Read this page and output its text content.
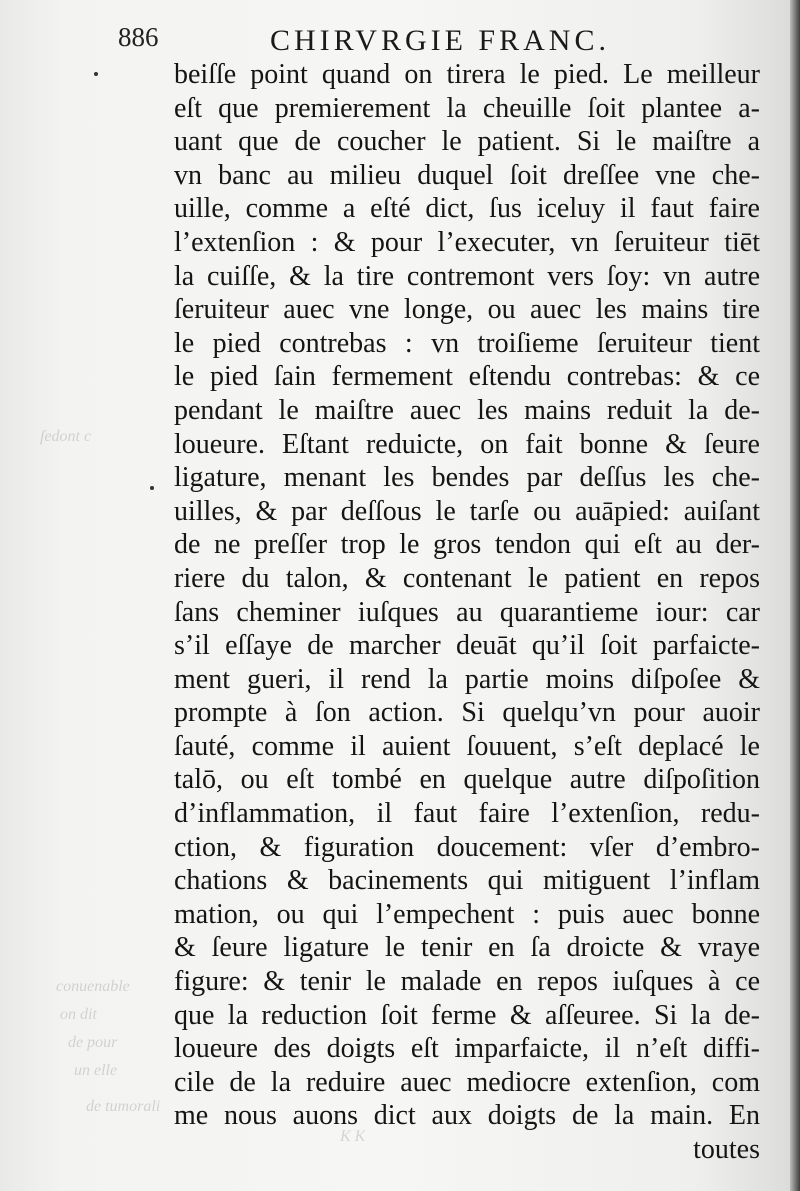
ſedont c
conuenable
on dit
de pour
un elle
de tumorali
K K
886	CHIRVRGIE FRANC.
beiſſe point quand on tirera le pied. Le meilleur
eſt que premierement la cheuille ſoit plantee a-
uant que de coucher le patient. Si le maiſtre a
vn banc au milieu duquel ſoit dreſſee vne che-
uille, comme a eſté dict, ſus iceluy il faut faire
l’extenſion : & pour l’executer, vn ſeruiteur tiēt
la cuiſſe, & la tire contremont vers ſoy: vn autre
ſeruiteur auec vne longe, ou auec les mains tire
le pied contrebas : vn troiſieme ſeruiteur tient
le pied ſain fermement eſtendu contrebas: & ce
pendant le maiſtre auec les mains reduit la de-
loueure. Eſtant reduicte, on fait bonne & ſeure
ligature, menant les bendes par deſſus les che-
uilles, & par deſſous le tarſe ou auāpied: auiſant
de ne preſſer trop le gros tendon qui eſt au der-
riere du talon, & contenant le patient en repos
ſans cheminer iuſques au quarantieme iour: car
s’il eſſaye de marcher deuāt qu’il ſoit parfaicte-
ment gueri, il rend la partie moins diſpoſee &
prompte à ſon action. Si quelqu’vn pour auoir
ſauté, comme il auient ſouuent, s’eſt deplacé le
talō, ou eſt tombé en quelque autre diſpoſition
d’inflammation, il faut faire l’extenſion, redu-
ction, & figuration doucement: vſer d’embro-
chations & bacinements qui mitiguent l’inflam
mation, ou qui l’empechent : puis auec bonne
& ſeure ligature le tenir en ſa droicte & vraye
figure: & tenir le malade en repos iuſques à ce
que la reduction ſoit ferme & aſſeuree. Si la de-
loueure des doigts eſt imparfaicte, il n’eſt diffi-
cile de la reduire auec mediocre extenſion, com
me nous auons dict aux doigts de la main. En
toutes
